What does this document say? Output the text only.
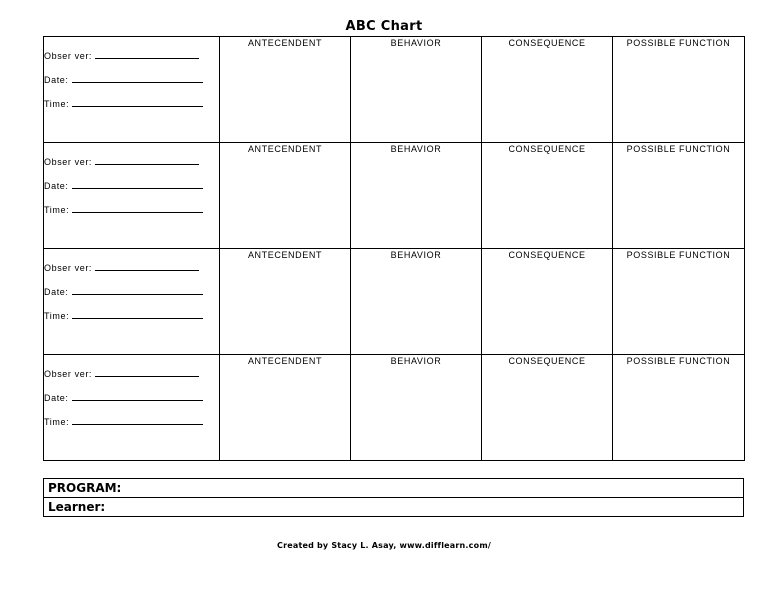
ABC Chart
Obser ver:
Date:
Time:	ANTECENDENT	BEHAVIOR	CONSEQUENCE	POSSIBLE FUNCTION

Obser ver:
Date:
Time:	ANTECENDENT	BEHAVIOR	CONSEQUENCE	POSSIBLE FUNCTION

Obser ver:
Date:
Time:	ANTECENDENT	BEHAVIOR	CONSEQUENCE	POSSIBLE FUNCTION

Obser ver:
Date:
Time:	ANTECENDENT	BEHAVIOR	CONSEQUENCE	POSSIBLE FUNCTION
PROGRAM:
Learner:
Created by Stacy L. Asay, www.difflearn.com/
